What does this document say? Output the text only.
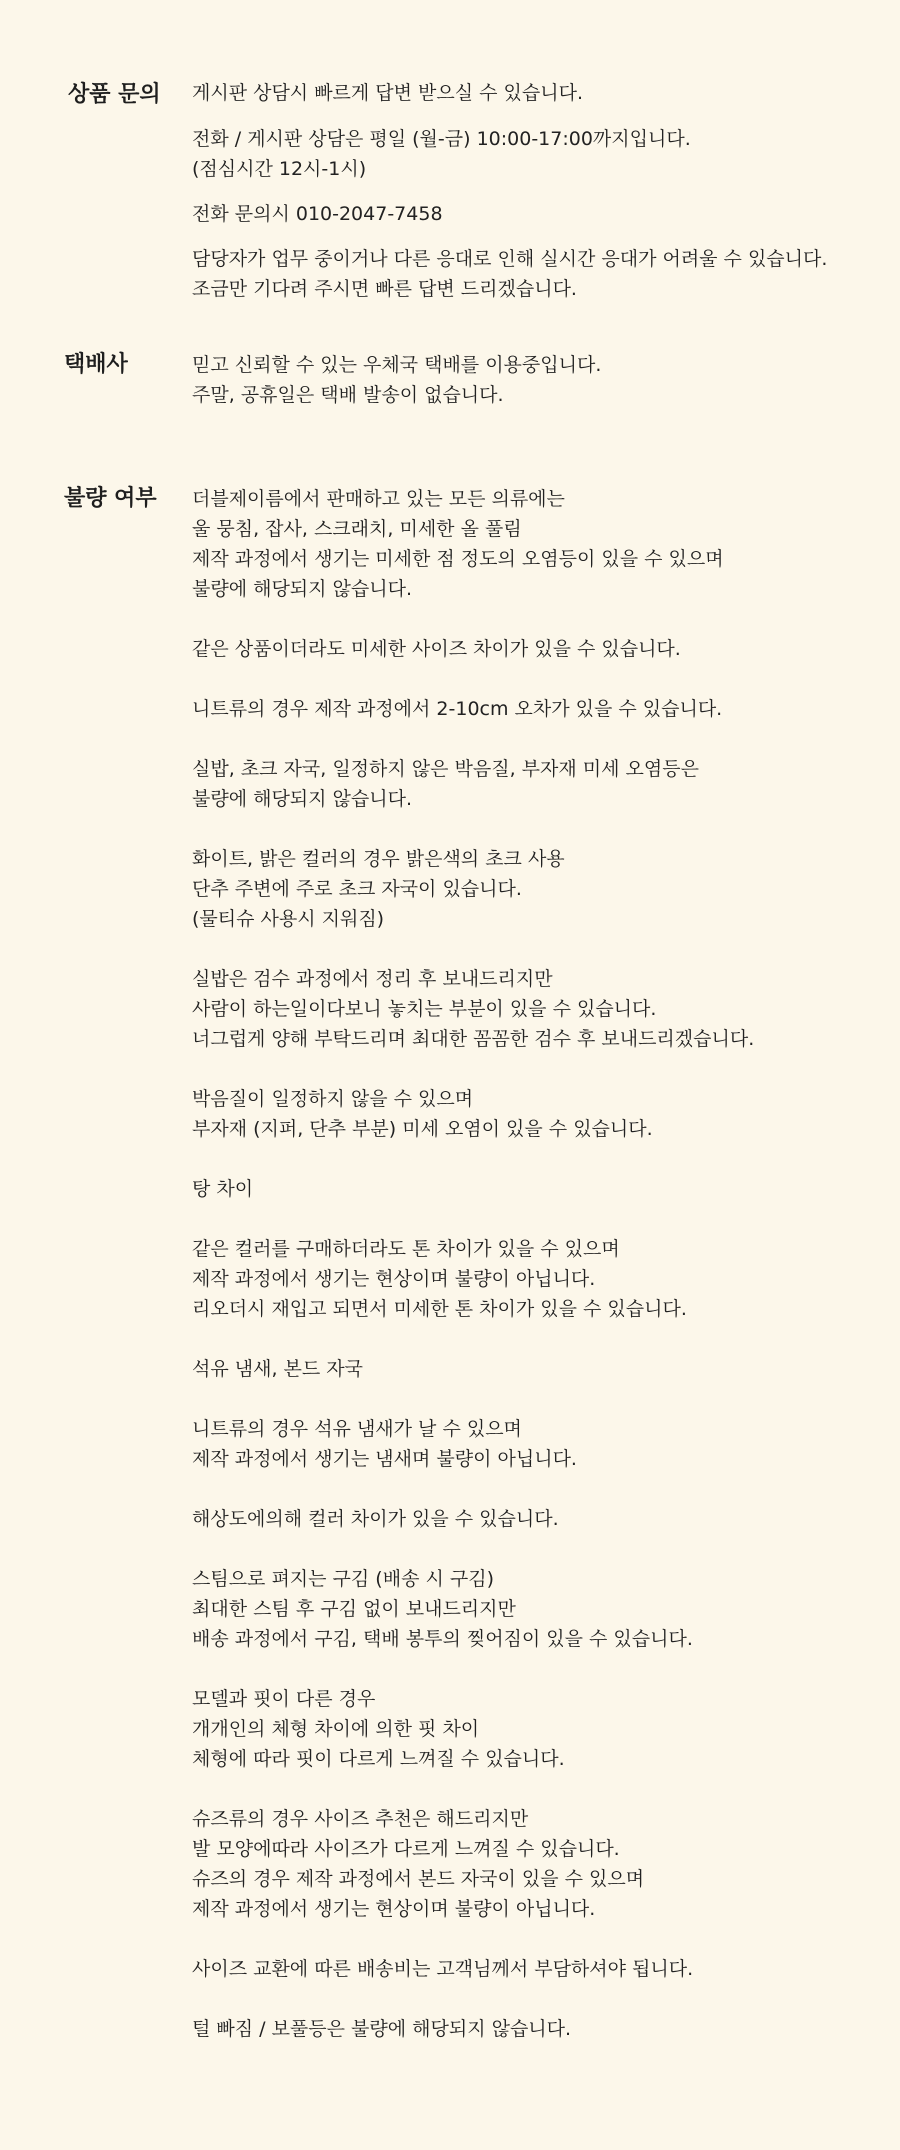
상품 문의 게시판 상담시 빠르게 답변 받으실 수 있습니다.

전화 / 게시판 상담은 평일 (월-금) 10:00-17:00까지입니다.
(점심시간 12시-1시)

전화 문의시 010-2047-7458

담당자가 업무 중이거나 다른 응대로 인해 실시간 응대가 어려울 수 있습니다.
조금만 기다려 주시면 빠른 답변 드리겠습니다.

택배사	믿고 신뢰할 수 있는 우체국 택배를 이용중입니다.
주말, 공휴일은 택배 발송이 없습니다.

불량 여부 더블제이름에서 판매하고 있는 모든 의류에는
울 뭉침, 잡사, 스크래치, 미세한 올 풀림
제작 과정에서 생기는 미세한 점 정도의 오염등이 있을 수 있으며
불량에 해당되지 않습니다.

같은 상품이더라도 미세한 사이즈 차이가 있을 수 있습니다.

니트류의 경우 제작 과정에서 2-10cm 오차가 있을 수 있습니다.

실밥, 초크 자국, 일정하지 않은 박음질, 부자재 미세 오염등은
불량에 해당되지 않습니다.

화이트, 밝은 컬러의 경우 밝은색의 초크 사용
단추 주변에 주로 초크 자국이 있습니다.
(물티슈 사용시 지워짐)

실밥은 검수 과정에서 정리 후 보내드리지만
사람이 하는일이다보니 놓치는 부분이 있을 수 있습니다.
너그럽게 양해 부탁드리며 최대한 꼼꼼한 검수 후 보내드리겠습니다.

박음질이 일정하지 않을 수 있으며
부자재 (지퍼, 단추 부분) 미세 오염이 있을 수 있습니다.

탕 차이

같은 컬러를 구매하더라도 톤 차이가 있을 수 있으며
제작 과정에서 생기는 현상이며 불량이 아닙니다.
리오더시 재입고 되면서 미세한 톤 차이가 있을 수 있습니다.

석유 냄새, 본드 자국

니트류의 경우 석유 냄새가 날 수 있으며
제작 과정에서 생기는 냄새며 불량이 아닙니다.

해상도에의해 컬러 차이가 있을 수 있습니다.

스팀으로 펴지는 구김 (배송 시 구김)
최대한 스팀 후 구김 없이 보내드리지만
배송 과정에서 구김, 택배 봉투의 찢어짐이 있을 수 있습니다.

모델과 핏이 다른 경우
개개인의 체형 차이에 의한 핏 차이
체형에 따라 핏이 다르게 느껴질 수 있습니다.

슈즈류의 경우 사이즈 추천은 해드리지만
발 모양에따라 사이즈가 다르게 느껴질 수 있습니다.
슈즈의 경우 제작 과정에서 본드 자국이 있을 수 있으며
제작 과정에서 생기는 현상이며 불량이 아닙니다.

사이즈 교환에 따른 배송비는 고객님께서 부담하셔야 됩니다.

털 빠짐 / 보풀등은 불량에 해당되지 않습니다.
